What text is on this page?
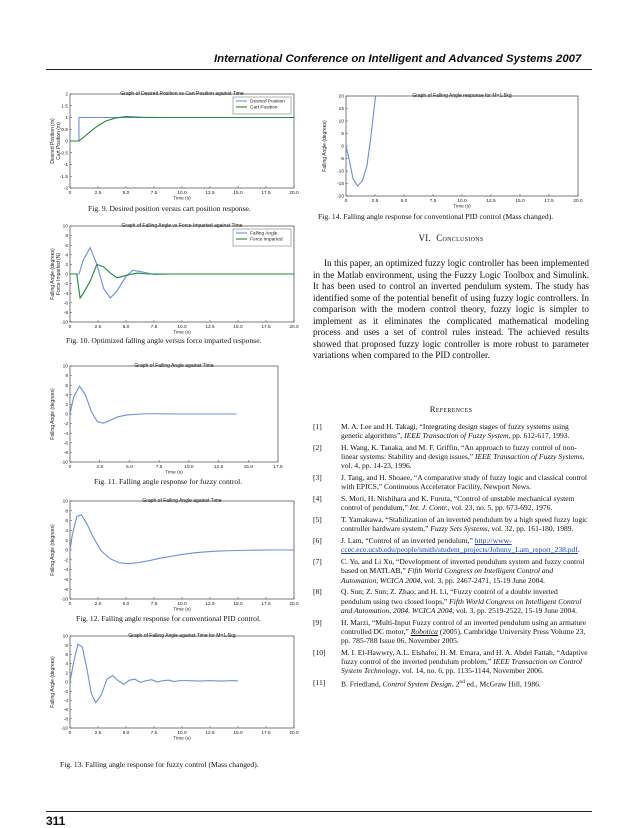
International Conference on Intelligent and Advanced Systems 2007
Graph of Desired Position vs Cart Position against Time
0	2.5	5.0	7.5	10.0	12.5	15.0	17.5	20.0
2
1.5
1
0.5
0
-0.5
-1
-1.5
-2
Time (s)
Desired Position (m) Cart Position (m)
Desired Position
Cart Position
Fig. 9. Desired position versus cart position response.
Graph of Falling Angle vs Force Imparted against Time
0	2.5	5.0	7.5	10.0	12.5	15.0	17.5	20.0
10
8
6
4
2
0
-2
-4
-6
-8
-10
Time (s)
Falling Angle (degrees) Force Imparted (N)
Falling Angle
Force Imparted
Fig. 10. Optimized falling angle versus force imparted response.
Graph of Falling Angle against Time
0	2.5	5.0	7.5	10.0	12.5	15.0	17.5
10
8
6
4
2
0
-2
-4
-6
-8
-10
Time (s)
Falling Angle (degrees)
Fig. 11. Falling angle response for fuzzy control.
Graph of Falling Angle against Time
0	2.5	5.0	7.5	10.0	12.5	15.0	17.5	20.0
10
8
6
4
2
0
-2
-4
-6
-8
-10
Time (s)
Falling Angle (degrees)
Fig. 12. Falling angle response for conventional PID control.
Graph of Falling Angle against Time for M=1.5kg
0	2.5	5.0	7.5	10.0	12.5	15.0	17.5	20.0
10
8
6
4
2
0
-2
-4
-6
-8
-10
Time (s)
Falling Angle (degrees)
Fig. 13. Falling angle response for fuzzy control (Mass changed).
Graph of Falling Angle response for M=1.5kg
0	2.5	5.0	7.5	10.0	12.5	15.0	17.5	20.0
20
15
10
5
0
-5
-10
-15
-20
Time (s)
Falling Angle (degrees)
Fig. 14. Falling angle response for conventional PID control (Mass changed).
VI. Conclusions
In this paper, an optimized fuzzy logic controller has been implemented in the Matlab environment, using the Fuzzy Logic Toolbox and Simulink. It has been used to control an inverted pendulum system. The study has identified some of the potential benefit of using fuzzy logic controllers. In comparison with the modern control theory, fuzzy logic is simpler to implement as it eliminates the complicated mathematical modeling process and uses a set of control rules instead. The achieved results showed that proposed fuzzy logic controller is more robust to parameter variations when compared to the PID controller.
References
[1]	M. A. Lee and H. Takagi, “Integrating design stages of fuzzy systems using genetic algorithms”, IEEE Transaction of Fuzzy System, pp. 612-617, 1993.
[2]	H. Wang, K. Tanaka, and M. F. Griffin, “An approach to fuzzy control of non-linear systems: Stability and design issues,” IEEE Transaction of Fuzzy Systems, vol. 4, pp. 14-23, 1996.
[3]	J. Tang, and H. Shoaee, “A comparative study of fuzzy logic and classical control with EPICS,” Continuous Accelerator Facility, Newport News.
[4]	S. Mori, H. Nishihara and K. Furuta, “Control of unstable mechanical system control of pendulum,” Int. J. Contr., vol. 23, no. 5, pp. 673-692, 1976.
[5]	T. Yamakawa, “Stabilization of an inverted pendulum by a high speed fuzzy logic controller hardware system,” Fuzzy Sets Systems, vol. 32, pp. 161-180, 1989.
[6]	J. Lam, “Control of an inverted pendulum,” http://www-ccec.ece.ucsb.edu/people/smith/student_projects/Johnny_Lam_report_238.pdf.
[7]	C. Yu, and Li Xu, “Development of inverted pendulum system and fuzzy control based on MATLAB,” Fifth World Congress on Intelligent Control and Automation, WCICA 2004, vol. 3, pp. 2467-2471, 15-19 June 2004.
[8]	Q. Sun; Z. Sun; Z. Zhao, and H. Li, “Fuzzy control of a double inverted pendulum using two closed loops,” Fifth World Congress on Intelligent Control and Automation, 2004. WCICA 2004, vol. 3, pp. 2519-2522, 15-19 June 2004.
[9]	H. Marzi, “Multi-Input Fuzzy control of an inverted pendulum using an armature controlled DC motor,” Robotica (2005), Cambridge University Press Volume 23, pp. 785-788 Issue 06, November 2005.
[10]	M. I. El-Hawwry, A.L. Elshafei, H. M. Emara, and H. A. Abdel Fattah, “Adaptive fuzzy control of the inverted pendulum problem,” IEEE Transaction on Control System Technology, vol. 14, no. 6, pp. 1135-1144, November 2006.
[11]	B. Friedland, Control System Design, 2nd ed., McGraw Hill, 1986.
311
